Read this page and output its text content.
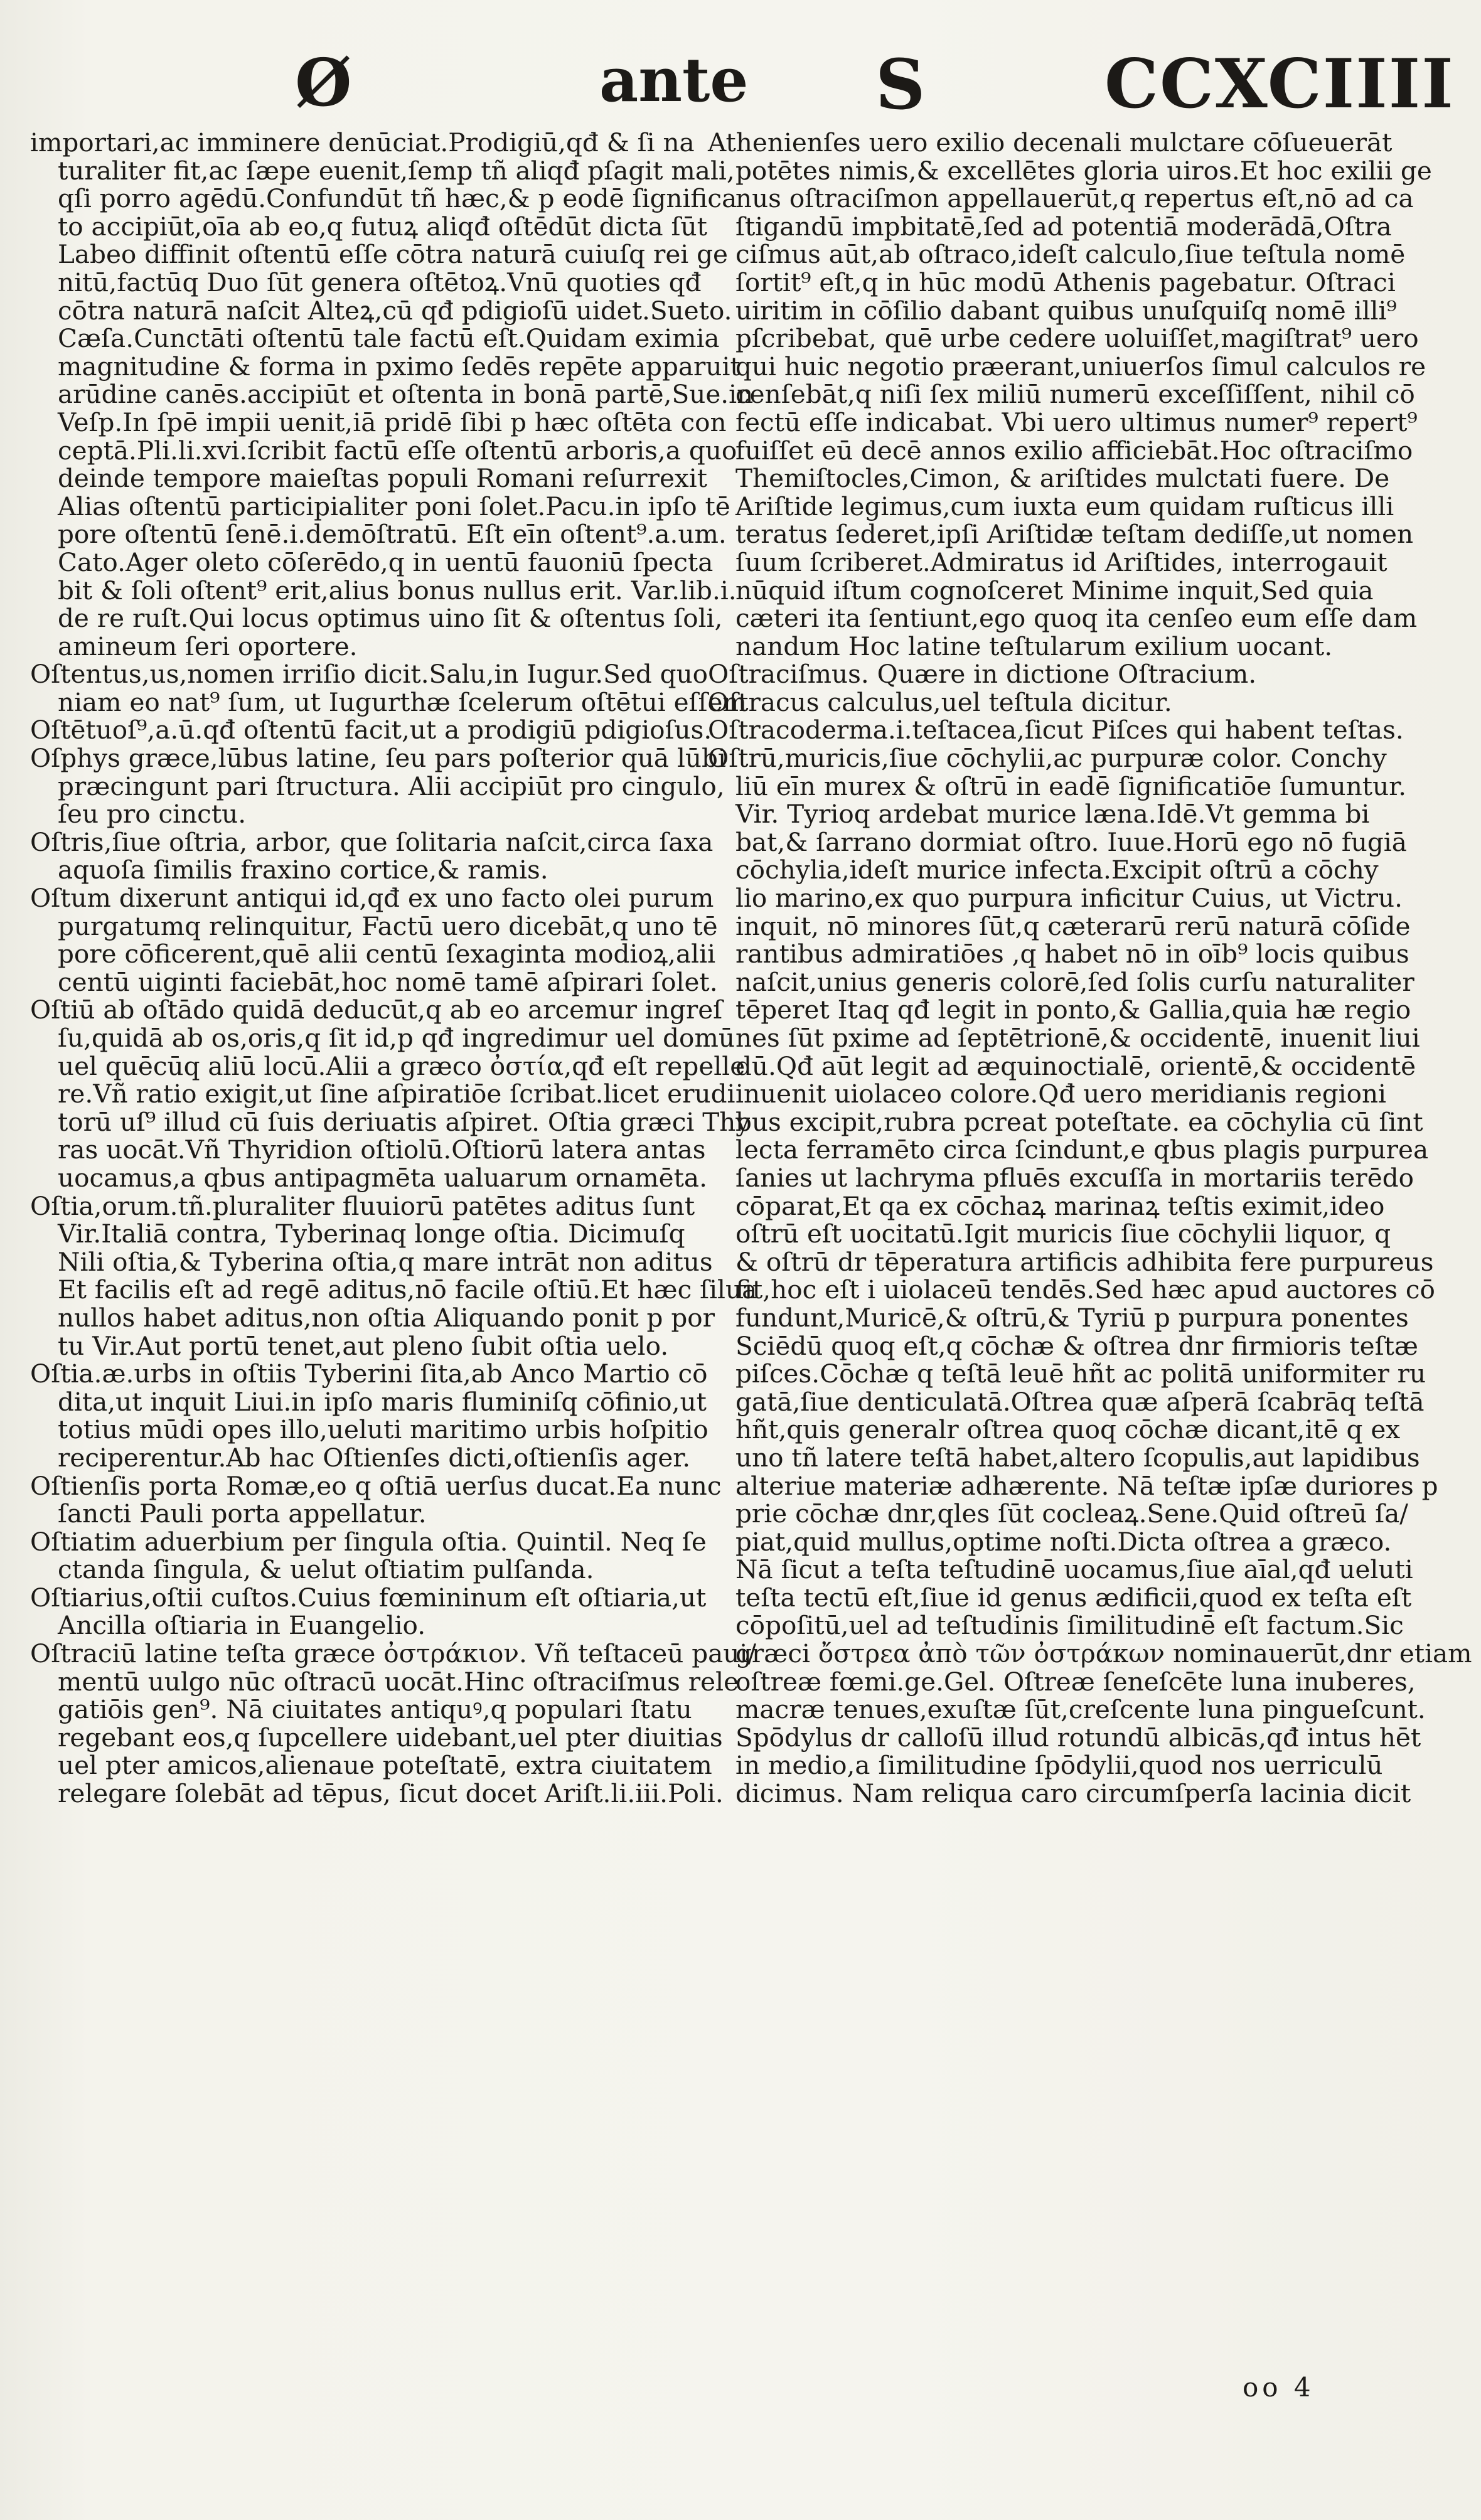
Ø	ante S	CCXCIIII
importari,ac imminere denūciat.Prodigiū,qđ & ſi na
turaliter fit,ac ſæpe euenit,ſemp tñ aliqđ pſagit mali,
qſi porro agēdū.Confundūt tñ hæc,& p eodē ſignifica
to accipiūt,oīa ab eo,q futuꝝ aliqđ oſtēdūt dicta ſūt
Labeo diffinit oſtentū eſſe cōtra naturā cuiuſq rei ge
nitū,factūq Duo ſūt genera oſtētoꝝ.Vnū quoties qđ
cōtra naturā naſcit Alteꝝ,cū qđ pdigioſū uidet.Sueto.
Cæſa.Cunctāti oſtentū tale factū eſt.Quidam eximia
magnitudine & forma in pximo ſedēs repēte apparuit
arūdine canēs.accipiūt et oſtenta in bonā partē,Sue.in
Veſp.In ſpē impii uenit,iā pridē ſibi p hæc oſtēta con
ceptā.Pli.li.xvi.ſcribit factū eſſe oſtentū arboris,a quo
deinde tempore maieſtas populi Romani reſurrexit
Alias oſtentū participialiter poni ſolet.Pacu.in ipſo tē
pore oſtentū ſenē.i.demōſtratū. Eſt eīn oſtent⁹.a.um.
Cato.Ager oleto cōſerēdo,q in uentū fauoniū ſpecta
bit & ſoli oſtent⁹ erit,alius bonus nullus erit. Var.lib.i.
de re ruſt.Qui locus optimus uino ſit & oſtentus ſoli,
amineum ſeri oportere.
Oſtentus,us,nomen irriſio dicit.Salu,in Iugur.Sed quo
niam eo nat⁹ ſum, ut Iugurthæ ſcelerum oſtētui eſſem
Oſtētuoſ⁹,a.ū.qđ oſtentū facit,ut a prodigiū pdigioſus.
Oſphys græce,lūbus latine, ſeu pars poſterior quā lūbi
præcingunt pari ſtructura. Alii accipiūt pro cingulo,
ſeu pro cinctu.
Oſtris,ſiue oſtria, arbor, que ſolitaria naſcit,circa ſaxa
aquoſa ſimilis fraxino cortice,& ramis.
Oſtum dixerunt antiqui id,qđ ex uno facto olei purum
purgatumq relinquitur, Factū uero dicebāt,q uno tē
pore cōficerent,quē alii centū ſexaginta modioꝝ,alii
centū uiginti faciebāt,hoc nomē tamē aſpirari ſolet.
Oſtiū ab oſtādo quidā deducūt,q ab eo arcemur ingreſ
ſu,quidā ab os,oris,q ſit id,p qđ ingredimur uel domū
uel quēcūq aliū locū.Alii a græco ὀστία,qđ eſt repelle
re.Vñ ratio exigit,ut ſine aſpiratiōe ſcribat.licet erudi
torū uſ⁹ illud cū ſuis deriuatis aſpiret. Oſtia græci Thy
ras uocāt.Vñ Thyridion oſtiolū.Oſtiorū latera antas
uocamus,a qbus antipagmēta ualuarum ornamēta.
Oſtia,orum.tñ.pluraliter fluuiorū patētes aditus ſunt
Vir.Italiā contra, Tyberinaq longe oſtia. Dicimuſq
Nili oſtia,& Tyberina oſtia,q mare intrāt non aditus
Et facilis eſt ad regē aditus,nō facile oſtiū.Et hæc ſilua
nullos habet aditus,non oſtia Aliquando ponit p por
tu Vir.Aut portū tenet,aut pleno ſubit oſtia uelo.
Oſtia.æ.urbs in oſtiis Tyberini ſita,ab Anco Martio cō
dita,ut inquit Liui.in ipſo maris fluminiſq cōfinio,ut
totius mūdi opes illo,ueluti maritimo urbis hoſpitio
reciperentur.Ab hac Oſtienſes dicti,oſtienſis ager.
Oſtienſis porta Romæ,eo q oſtiā uerſus ducat.Ea nunc
ſancti Pauli porta appellatur.
Oſtiatim aduerbium per ſingula oſtia. Quintil. Neq ſe
ctanda ſingula, & uelut oſtiatim pulſanda.
Oſtiarius,oſtii cuſtos.Cuius fœmininum eſt oſtiaria,ut
Ancilla oſtiaria in Euangelio.
Oſtraciū latine teſta græce ὀστράκιον. Vñ teſtaceū paui/
mentū uulgo nūc oſtracū uocāt.Hinc oſtraciſmus rele
gatiōis gen⁹. Nā ciuitates antiquꝰ,q populari ſtatu
regebant eos,q ſupcellere uidebant,uel pter diuitias
uel pter amicos,alienaue poteſtatē, extra ciuitatem
relegare ſolebāt ad tēpus, ſicut docet Ariſt.li.iii.Poli.
Athenienſes uero exilio decenali mulctare cōſueuerāt
potētes nimis,& excellētes gloria uiros.Et hoc exilii ge
nus oſtraciſmon appellauerūt,q repertus eſt,nō ad ca
ſtigandū impbitatē,ſed ad potentiā moderādā,Oſtra
ciſmus aūt,ab oſtraco,ideſt calculo,ſiue teſtula nomē
ſortit⁹ eſt,q in hūc modū Athenis pagebatur. Oſtraci
uiritim in cōſilio dabant quibus unuſquiſq nomē illi⁹
pſcribebat, quē urbe cedere uoluiſſet,magiſtrat⁹ uero
qui huic negotio præerant,uniuerſos ſimul calculos re
cenſebāt,q niſi ſex miliū numerū exceſſiſſent, nihil cō
fectū eſſe indicabat. Vbi uero ultimus numer⁹ repert⁹
fuiſſet eū decē annos exilio afficiebāt.Hoc oſtraciſmo
Themiſtocles,Cimon, & ariſtides mulctati fuere. De
Ariſtide legimus,cum iuxta eum quidam ruſticus illi
teratus ſederet,ipſi Ariſtidæ teſtam dediſſe,ut nomen
ſuum ſcriberet.Admiratus id Ariſtides, interrogauit
nūquid iſtum cognoſceret Minime inquit,Sed quia
cæteri ita ſentiunt,ego quoq ita cenſeo eum eſſe dam
nandum Hoc latine teſtularum exilium uocant.
Oſtraciſmus. Quære in dictione Oſtracium.
Oſtracus calculus,uel teſtula dicitur.
Oſtracoderma.i.teſtacea,ſicut Piſces qui habent teſtas.
Oſtrū,muricis,ſiue cōchylii,ac purpuræ color. Conchy
liū eīn murex & oſtrū in eadē ſignificatiōe ſumuntur.
Vir. Tyrioq ardebat murice læna.Idē.Vt gemma bi
bat,& ſarrano dormiat oſtro. Iuue.Horū ego nō fugiā
cōchylia,ideſt murice infecta.Excipit oſtrū a cōchy
lio marino,ex quo purpura inficitur Cuius, ut Victru.
inquit, nō minores ſūt,q cæterarū rerū naturā cōſide
rantibus admiratiōes ,q habet nō in oīb⁹ locis quibus
naſcit,unius generis colorē,ſed ſolis curſu naturaliter
tēperet Itaq qđ legit in ponto,& Gallia,quia hæ regio
nes ſūt pxime ad ſeptētrionē,& occidentē, inuenit liui
dū.Qđ aūt legit ad æquinoctialē, orientē,& occidentē
inuenit uiolaceo colore.Qđ uero meridianis regioni
bus excipit,rubra pcreat poteſtate. ea cōchylia cū ſint
lecta ferramēto circa ſcindunt,e qbus plagis purpurea
ſanies ut lachryma pfluēs excuſſa in mortariis terēdo
cōparat,Et qa ex cōchaꝝ marinaꝝ teſtis eximit,ideo
oſtrū eſt uocitatū.Igit muricis ſiue cōchylii liquor, q
& oſtrū dr tēperatura artificis adhibita fere purpureus
fit,hoc eſt i uiolaceū tendēs.Sed hæc apud auctores cō
fundunt,Muricē,& oſtrū,& Tyriū p purpura ponentes
Sciēdū quoq eſt,q cōchæ & oſtrea dnr firmioris teſtæ
piſces.Cōchæ q teſtā leuē hñt ac politā uniformiter ru
gatā,ſiue denticulatā.Oſtrea quæ aſperā ſcabrāq teſtā
hñt,quis generalr oſtrea quoq cōchæ dicant,itē q ex
uno tñ latere teſtā habet,altero ſcopulis,aut lapidibus
alteriue materiæ adhærente. Nā teſtæ ipſæ duriores p
prie cōchæ dnr,qles ſūt cocleaꝝ.Sene.Quid oſtreū ſa/
piat,quid mullus,optime noſti.Dicta oſtrea a græco.
Nā ſicut a teſta teſtudinē uocamus,ſiue aīal,qđ ueluti
teſta tectū eſt,ſiue id genus ædificii,quod ex teſta eſt
cōpoſitū,uel ad teſtudinis ſimilitudinē eſt factum.Sic
græci ὄστρεα ἀπὸ τῶν ὀστράκων nominauerūt,dnr etiam
oſtreæ fœmi.ge.Gel. Oſtreæ ſeneſcēte luna inuberes,
macræ tenues,exuſtæ ſūt,creſcente luna pingueſcunt.
Spōdylus dr calloſū illud rotundū albicās,qđ intus hēt
in medio,a ſimilitudine ſpōdylii,quod nos uerriculū
dicimus. Nam reliqua caro circumſperſa lacinia dicit
oo 4
